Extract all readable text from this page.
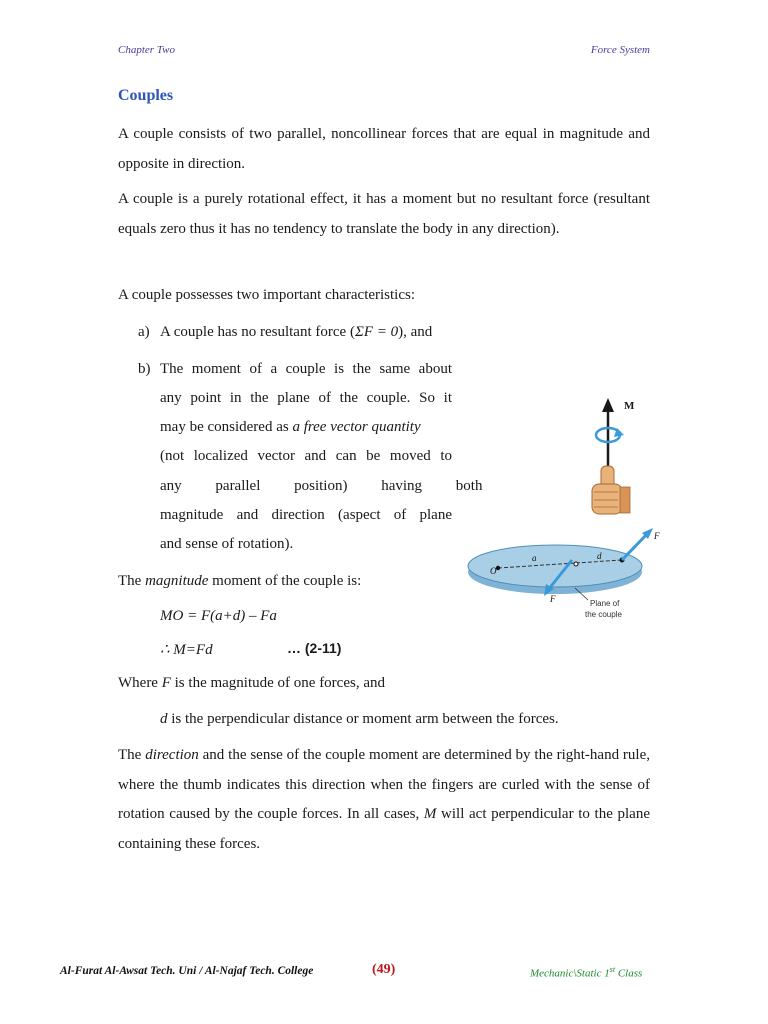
Chapter Two	Force System
Couples
A couple consists of two parallel, noncollinear forces that are equal in magnitude and opposite in direction.
A couple is a purely rotational effect, it has a moment but no resultant force (resultant equals zero thus it has no tendency to translate the body in any direction).
A couple possesses two important characteristics:
a) A couple has no resultant force (ΣF = 0), and
b) The moment of a couple is the same about
any point in the plane of the couple. So it
may be considered as a free vector quantity
(not localized vector and can be moved to
any parallel position) having both
magnitude and direction (aspect of plane
and sense of rotation).
The magnitude moment of the couple is:
MO = F(a+d) – Fa
∴ M=Fd	… (2-11)
Where F is the magnitude of one forces, and
d is the perpendicular distance or moment arm between the forces.
The direction and the sense of the couple moment are determined by the right-hand rule, where the thumb indicates this direction when the fingers are curled with the sense of rotation caused by the couple forces. In all cases, M will act perpendicular to the plane containing these forces.
M
F
F
a	d
O
Plane of
the couple
Al-Furat Al-Awsat Tech. Uni / Al-Najaf Tech. College	(49)	Mechanic\Static 1st Class
